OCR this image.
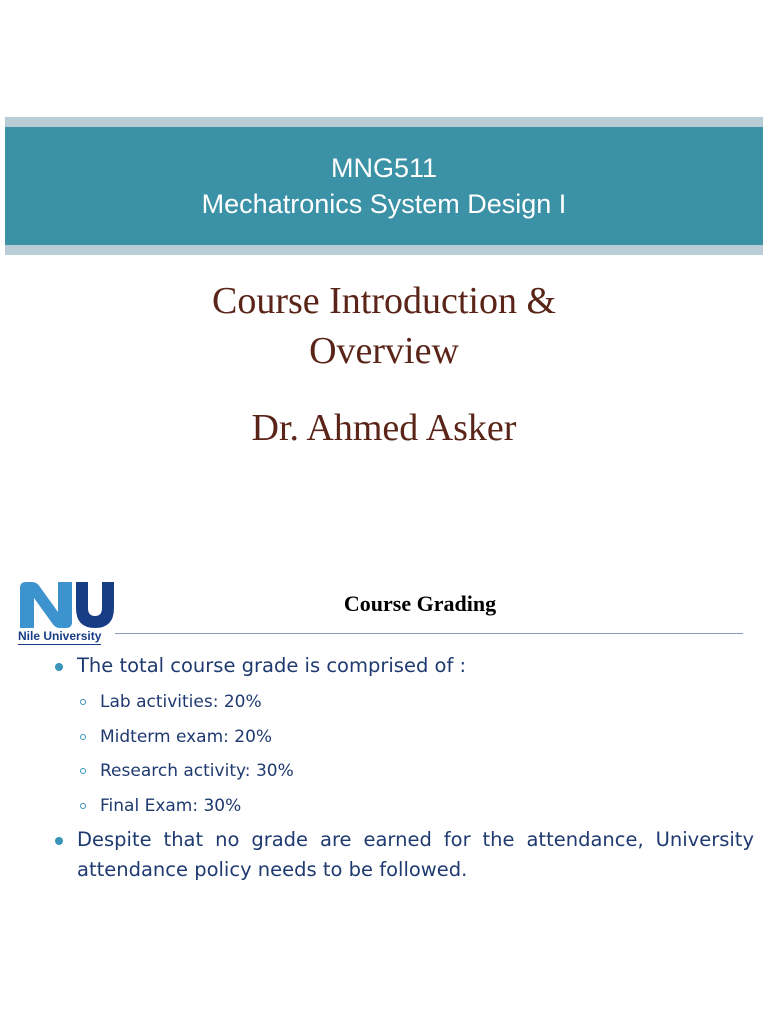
MNG511
Mechatronics System Design I
Course Introduction &
Overview
Dr. Ahmed Asker
Nile University
Course Grading
The total course grade is comprised of :
Lab activities: 20%
Midterm exam: 20%
Research activity: 30%
Final Exam: 30%
Despite that no grade are earned for the attendance, University attendance policy needs to be followed.
